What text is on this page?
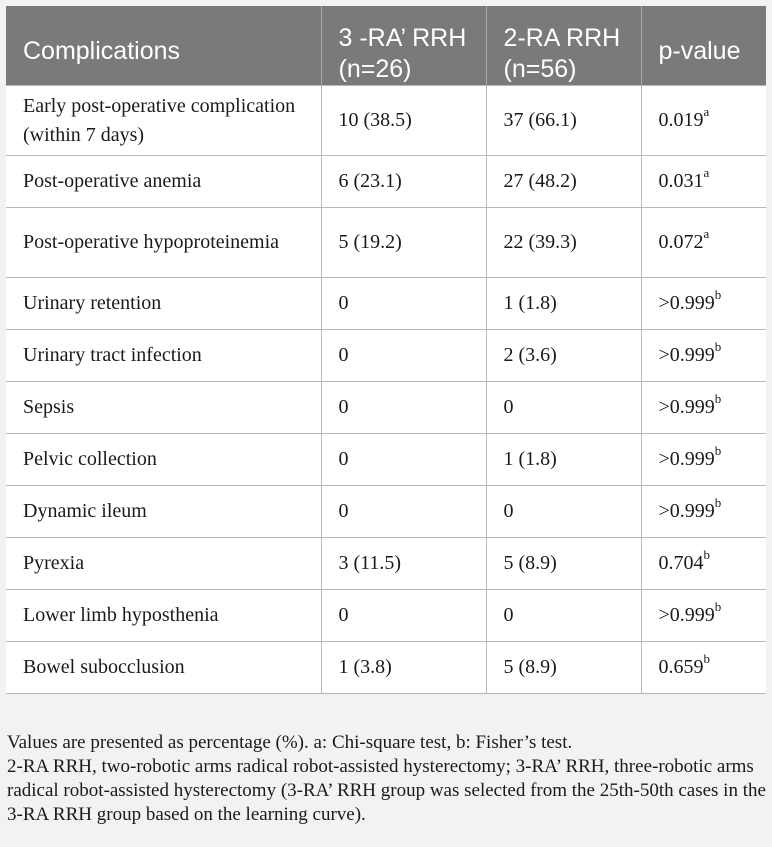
Complications	3 -RA’ RRH (n=26)	2-RA RRH (n=56)	p-value
Early post-operative complication (within 7 days)	10 (38.5)	37 (66.1)	0.019$^a$
Post-operative anemia	6 (23.1)	27 (48.2)	0.031$^a$
Post-operative hypoproteinemia	5 (19.2)	22 (39.3)	0.072$^a$
Urinary retention	0	1 (1.8)	>0.999$^b$
Urinary tract infection	0	2 (3.6)	>0.999$^b$
Sepsis	0	0	>0.999$^b$
Pelvic collection	0	1 (1.8)	>0.999$^b$
Dynamic ileum	0	0	>0.999$^b$
Pyrexia	3 (11.5)	5 (8.9)	0.704$^b$
Lower limb hyposthenia	0	0	>0.999$^b$
Bowel subocclusion	1 (3.8)	5 (8.9)	0.659$^b$

Values are presented as percentage (%). a: Chi-square test, b: Fisher’s test.

2-RA RRH, two-robotic arms radical robot-assisted hysterectomy; 3-RA’ RRH, three-robotic arms radical robot-assisted hysterectomy (3-RA’ RRH group was selected from the 25th-50th cases in the 3-RA RRH group based on the learning curve).
